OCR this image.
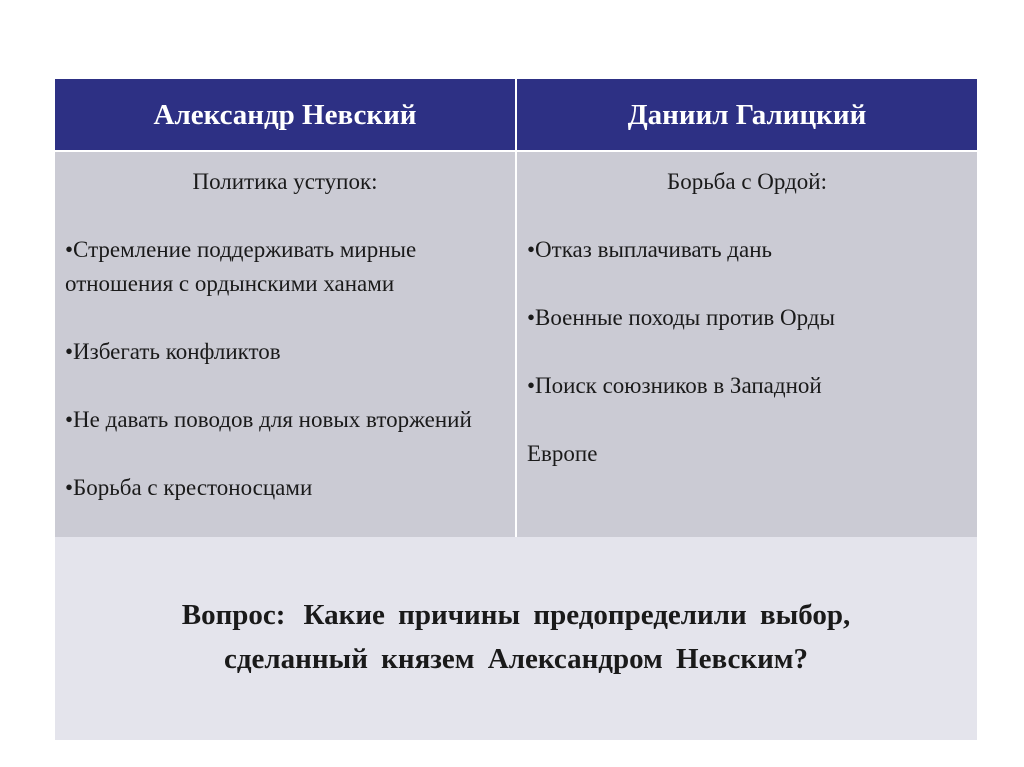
Александр Невский	Даниил Галицкий
Политика уступок:
•Стремление поддерживать мирные отношения с ордынскими ханами
•Избегать конфликтов
•Не давать поводов для новых вторжений
•Борьба с крестоносцами
Борьба с Ордой:
•Отказ выплачивать дань
•Военные походы против Орды
•Поиск союзников в Западной
Европе
Вопрос: Какие причины предопределили выбор,
сделанный князем Александром Невским?
